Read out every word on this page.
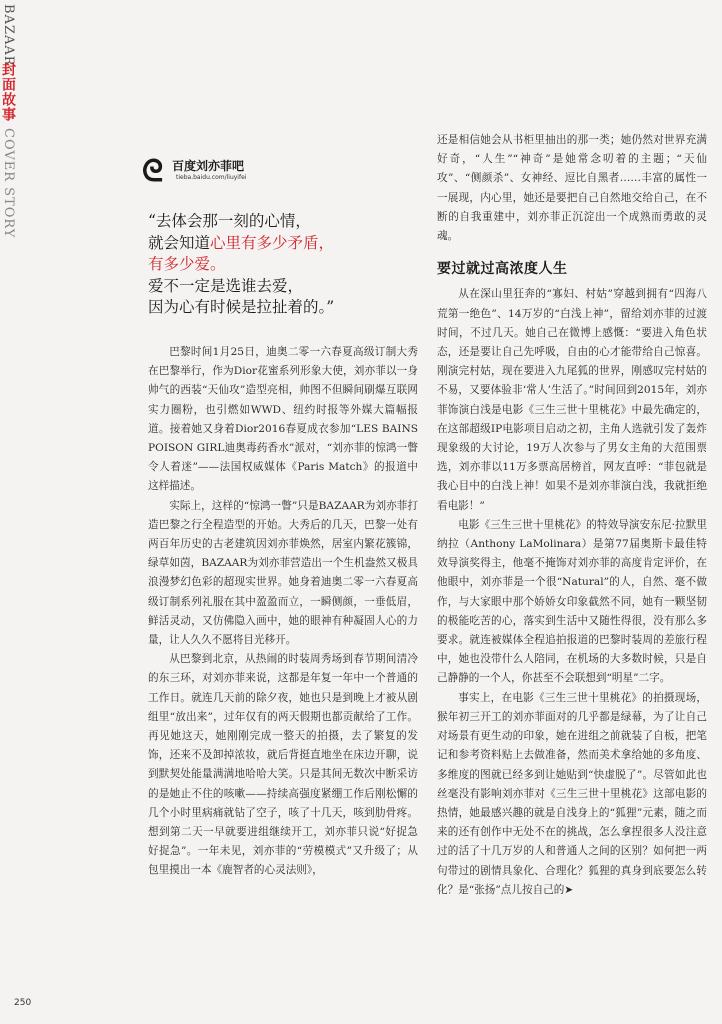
BAZAAR
封面故事
COVER STORY	ᘓ 百度刘亦菲吧
tieba.baidu.com/liuyifei
“去体会那一刻的心情，
就会知道心里有多少矛盾，
有多少爱。
爱不一定是选谁去爱，
因为心有时候是拉扯着的。”

巴黎时间1月25日，迪奥二零一六春夏高级订制大秀在巴黎举行，作为Dior花蜜系列形象大使，刘亦菲以一身帅气的西装“天仙攻”造型亮相，帅图不但瞬间刷爆互联网实力圈粉，也引燃如WWD、纽约时报等外媒大篇幅报道。接着她又身着Dior2016春夏成衣参加“LES BAINS POISON GIRL迪奥毒药香水”派对，“刘亦菲的惊鸿一瞥令人着迷”——法国权威媒体《Paris Match》的报道中这样描述。

实际上，这样的“惊鸿一瞥”只是BAZAAR为刘亦菲打造巴黎之行全程造型的开始。大秀后的几天，巴黎一处有两百年历史的古老建筑因刘亦菲焕然，居室内繁花簇锦，绿草如茵，BAZAAR为刘亦菲营造出一个生机盎然又极具浪漫梦幻色彩的超现实世界。她身着迪奥二零一六春夏高级订制系列礼服在其中盈盈而立，一瞬侧颜，一垂低眉，鲜活灵动，又仿佛隐入画中，她的眼神有种凝固人心的力量，让人久久不愿将目光移开。

从巴黎到北京，从热闹的时装周秀场到春节期间清冷的东三环，对刘亦菲来说，这都是年复一年中一个普通的工作日。就连几天前的除夕夜，她也只是到晚上才被从剧组里“放出来”，过年仅有的两天假期也都贡献给了工作。再见她这天，她刚刚完成一整天的拍摄，去了繁复的发饰，还来不及卸掉浓妆，就后背挺直地坐在床边开聊，说到默契处能量满满地哈哈大笑。只是其间无数次中断采访的是她止不住的咳嗽——持续高强度紧绷工作后刚松懈的几个小时里病痛就钻了空子，咳了十几天，咳到肋骨疼。想到第二天一早就要进组继续开工，刘亦菲只说“好捉急好捉急”。一年未见，刘亦菲的“劳模模式”又升级了；从包里摸出一本《鹿智者的心灵法则》，

还是相信她会从书柜里抽出的那一类；她仍然对世界充满好奇，“人生”“神奇”是她常念叨着的主题；“天仙攻”、“侧颜杀”、女神经、逗比自黑者……丰富的属性一一展现，内心里，她还是要把自己自然地交给自己，在不断的自我重建中，刘亦菲正沉淀出一个成熟而勇敢的灵魂。

要过就过高浓度人生

从在深山里狂奔的“寡妇、村姑”穿越到拥有“四海八荒第一绝色”、14万岁的“白浅上神”，留给刘亦菲的过渡时间，不过几天。她自己在微博上感慨：“要进入角色状态，还是要让自己先呼吸，自由的心才能带给自己惊喜。刚演完村姑，现在要进入九尾狐的世界，刚感叹完村姑的不易，又要体验非‘常人’生活了。”时间回到2015年，刘亦菲饰演白浅是电影《三生三世十里桃花》中最先确定的，在这部超级IP电影项目启动之初，主角人选就引发了轰炸现象级的大讨论，19万人次参与了男女主角的大范围票选，刘亦菲以11万多票高居榜首，网友直呼：“菲包就是我心目中的白浅上神！如果不是刘亦菲演白浅，我就拒绝看电影！”

电影《三生三世十里桃花》的特效导演安东尼·拉默里纳拉（Anthony LaMolinara）是第77届奥斯卡最佳特效导演奖得主，他毫不掩饰对刘亦菲的高度肯定评价，在他眼中，刘亦菲是一个很“Natural”的人，自然、毫不做作，与大家眼中那个娇娇女印象截然不同，她有一颗坚韧的极能吃苦的心，落实到生活中又随性得很，没有那么多要求。就连被媒体全程追拍报道的巴黎时装周的差旅行程中，她也没带什么人陪同，在机场的大多数时候，只是自己静静的一个人，你甚至不会联想到“明星”二字。

事实上，在电影《三生三世十里桃花》的拍摄现场，猴年初三开工的刘亦菲面对的几乎都是绿幕，为了让自己对场景有更生动的印象，她在进组之前就装了自板，把笔记和参考资料贴上去做准备，然而美术拿给她的多角度、多维度的图就已经多到让她贴到“快虚脱了”。尽管如此也丝毫没有影响刘亦菲对《三生三世十里桃花》这部电影的热情，她最感兴趣的就是自浅身上的“狐狸”元素，随之而来的还有创作中无处不在的挑战，怎么拿捏很多人没注意过的活了十几万岁的人和普通人之间的区别？如何把一两句带过的剧情具象化、合理化？狐狸的真身到底要怎么转化？是“张扬”点儿按自己的➤

250
